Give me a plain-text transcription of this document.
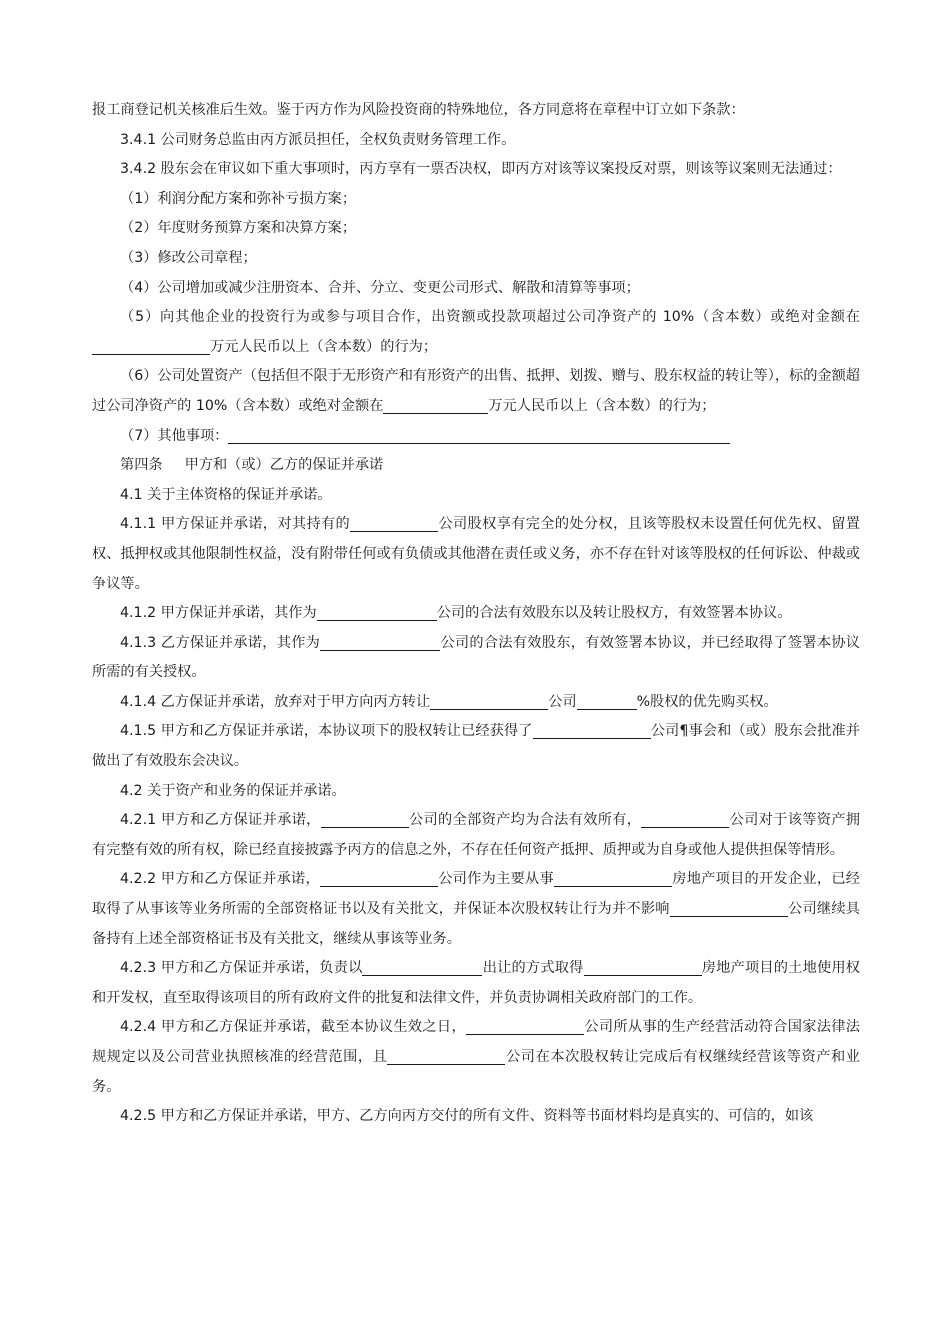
报工商登记机关核准后生效。鉴于丙方作为风险投资商的特殊地位，各方同意将在章程中订立如下条款：

3.4.1 公司财务总监由丙方派员担任，全权负责财务管理工作。

3.4.2 股东会在审议如下重大事项时，丙方享有一票否决权，即丙方对该等议案投反对票，则该等议案则无法通过：

（1）利润分配方案和弥补亏损方案；

（2）年度财务预算方案和决算方案；

（3）修改公司章程；

（4）公司增加或减少注册资本、合并、分立、变更公司形式、解散和清算等事项；

（5）向其他企业的投资行为或参与项目合作，出资额或投款项超过公司净资产的 10%（含本数）或绝对金额在万元人民币以上（含本数）的行为；

（6）公司处置资产（包括但不限于无形资产和有形资产的出售、抵押、划拨、赠与、股东权益的转让等），标的金额超过公司净资产的 10%（含本数）或绝对金额在	万元人民币以上（含本数）的行为；

（7）其他事项：

第四条 甲方和（或）乙方的保证并承诺

4.1 关于主体资格的保证并承诺。

4.1.1 甲方保证并承诺，对其持有的	公司股权享有完全的处分权，且该等股权未设置任何优先权、留置权、抵押权或其他限制性权益，没有附带任何或有负债或其他潜在责任或义务，亦不存在针对该等股权的任何诉讼、仲裁或争议等。

4.1.2 甲方保证并承诺，其作为	公司的合法有效股东以及转让股权方，有效签署本协议。

4.1.3 乙方保证并承诺，其作为	公司的合法有效股东，有效签署本协议，并已经取得了签署本协议所需的有关授权。

4.1.4 乙方保证并承诺，放弃对于甲方向丙方转让	公司	%股权的优先购买权。

4.1.5 甲方和乙方保证并承诺，本协议项下的股权转让已经获得了	公司¶事会和（或）股东会批准并做出了有效股东会决议。

4.2 关于资产和业务的保证并承诺。

4.2.1 甲方和乙方保证并承诺，	公司的全部资产均为合法有效所有，	公司对于该等资产拥有完整有效的所有权，除已经直接披露予丙方的信息之外，不存在任何资产抵押、质押或为自身或他人提供担保等情形。

4.2.2 甲方和乙方保证并承诺，	公司作为主要从事	房地产项目的开发企业，已经取得了从事该等业务所需的全部资格证书以及有关批文，并保证本次股权转让行为并不影响	公司继续具备持有上述全部资格证书及有关批文，继续从事该等业务。

4.2.3 甲方和乙方保证并承诺，负责以	出让的方式取得	房地产项目的土地使用权和开发权，直至取得该项目的所有政府文件的批复和法律文件，并负责协调相关政府部门的工作。

4.2.4 甲方和乙方保证并承诺，截至本协议生效之日，	公司所从事的生产经营活动符合国家法律法规规定以及公司营业执照核准的经营范围，且	公司在本次股权转让完成后有权继续经营该等资产和业务。

4.2.5 甲方和乙方保证并承诺，甲方、乙方向丙方交付的所有文件、资料等书面材料均是真实的、可信的，如该
